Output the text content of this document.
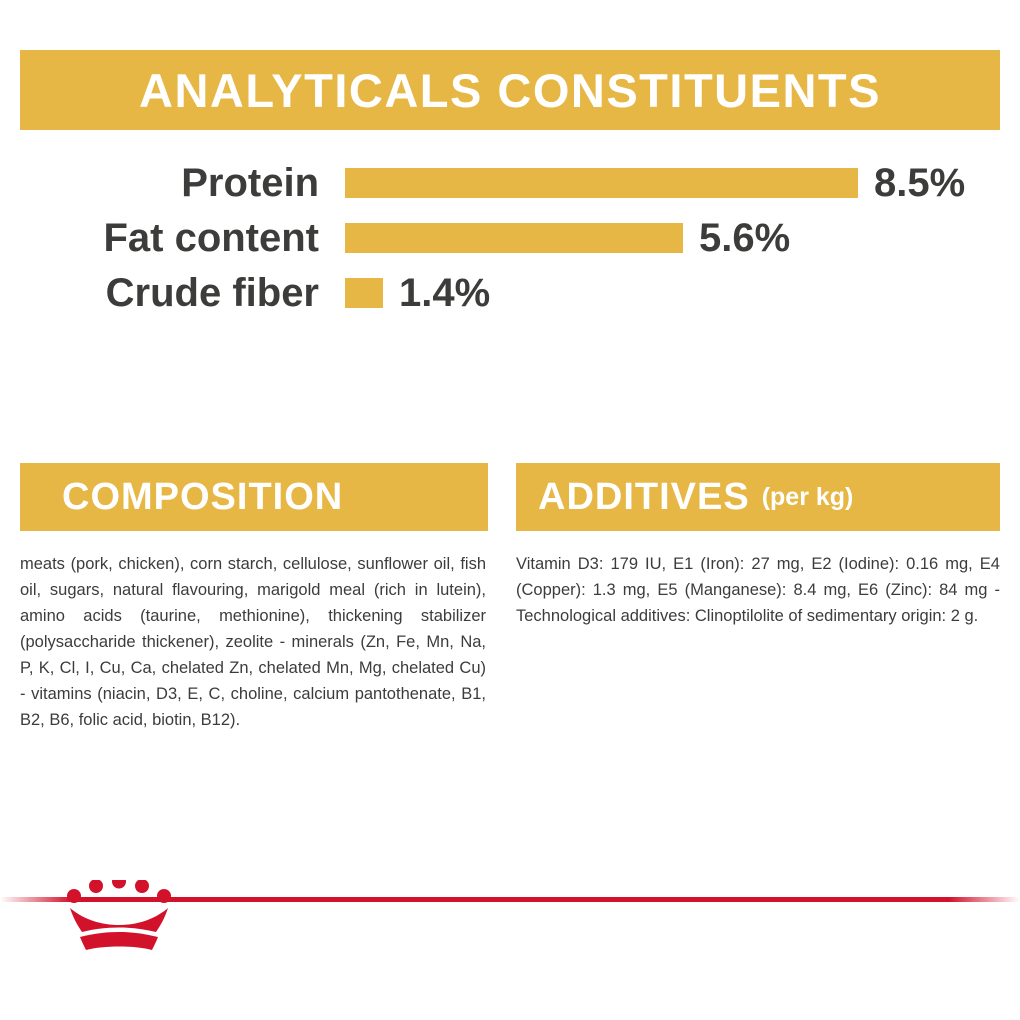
ANALYTICALS CONSTITUENTS
Protein	8.5%
Fat content	5.6%
Crude fiber	1.4%
COMPOSITION
meats (pork, chicken), corn starch, cellulose, sunflower oil, fish oil, sugars, natural flavouring, marigold meal (rich in lutein), amino acids (taurine, methionine), thickening stabilizer (polysaccharide thickener), zeolite - minerals (Zn, Fe, Mn, Na, P, K, Cl, I, Cu, Ca, chelated Zn, chelated Mn, Mg, chelated Cu) - vitamins (niacin, D3, E, C, choline, calcium pantothenate, B1, B2, B6, folic acid, biotin, B12).
ADDITIVES (per kg)
Vitamin D3: 179 IU, E1 (Iron): 27 mg, E2 (Iodine): 0.16 mg, E4 (Copper): 1.3 mg, E5 (Manganese): 8.4 mg, E6 (Zinc): 84 mg - Technological additives: Clinoptilolite of sedimentary origin: 2 g.
